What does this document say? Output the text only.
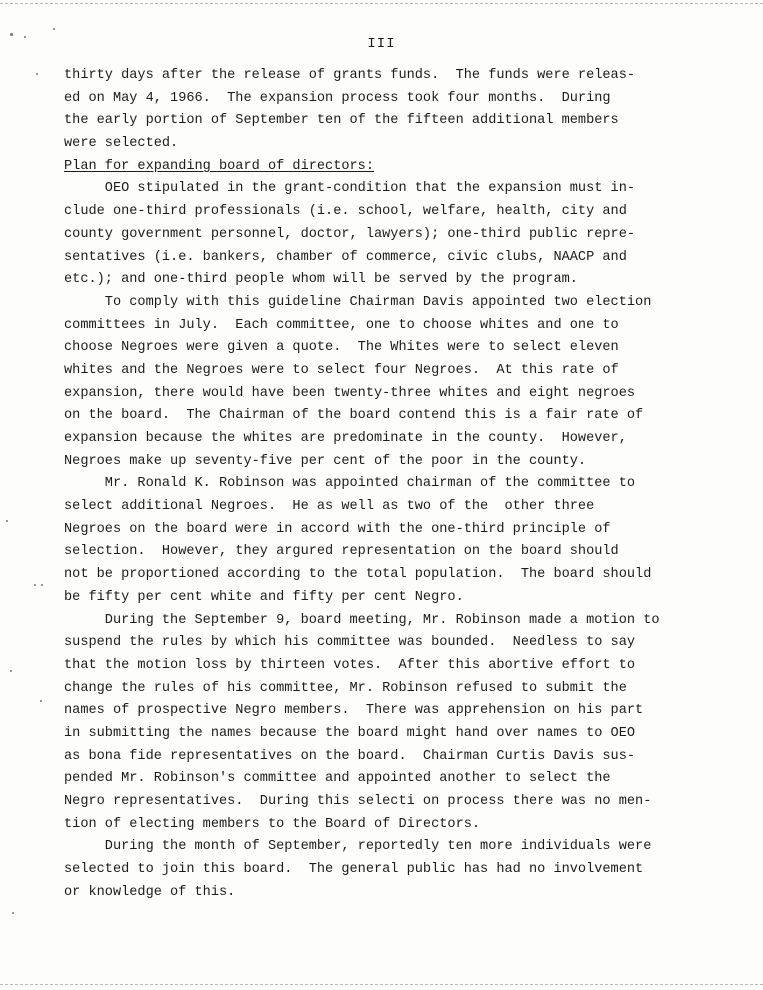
III
thirty days after the release of grants funds.  The funds were releas-
ed on May 4, 1966.  The expansion process took four months.  During
the early portion of September ten of the fifteen additional members
were selected.
Plan for expanding board of directors:
OEO stipulated in the grant-condition that the expansion must in-
clude one-third professionals (i.e. school, welfare, health, city and
county government personnel, doctor, lawyers); one-third public repre-
sentatives (i.e. bankers, chamber of commerce, civic clubs, NAACP and
etc.); and one-third people whom will be served by the program.
To comply with this guideline Chairman Davis appointed two election
committees in July.  Each committee, one to choose whites and one to
choose Negroes were given a quote.  The Whites were to select eleven
whites and the Negroes were to select four Negroes.  At this rate of
expansion, there would have been twenty-three whites and eight negroes
on the board.  The Chairman of the board contend this is a fair rate of
expansion because the whites are predominate in the county.  However,
Negroes make up seventy-five per cent of the poor in the county.
Mr. Ronald K. Robinson was appointed chairman of the committee to
select additional Negroes.  He as well as two of the  other three
Negroes on the board were in accord with the one-third principle of
selection.  However, they argured representation on the board should
not be proportioned according to the total population.  The board should
be fifty per cent white and fifty per cent Negro.
During the September 9, board meeting, Mr. Robinson made a motion to
suspend the rules by which his committee was bounded.  Needless to say
that the motion loss by thirteen votes.  After this abortive effort to
change the rules of his committee, Mr. Robinson refused to submit the
names of prospective Negro members.  There was apprehension on his part
in submitting the names because the board might hand over names to OEO
as bona fide representatives on the board.  Chairman Curtis Davis sus-
pended Mr. Robinson's committee and appointed another to select the
Negro representatives.  During this selecti on process there was no men-
tion of electing members to the Board of Directors.
During the month of September, reportedly ten more individuals were
selected to join this board.  The general public has had no involvement
or knowledge of this.
